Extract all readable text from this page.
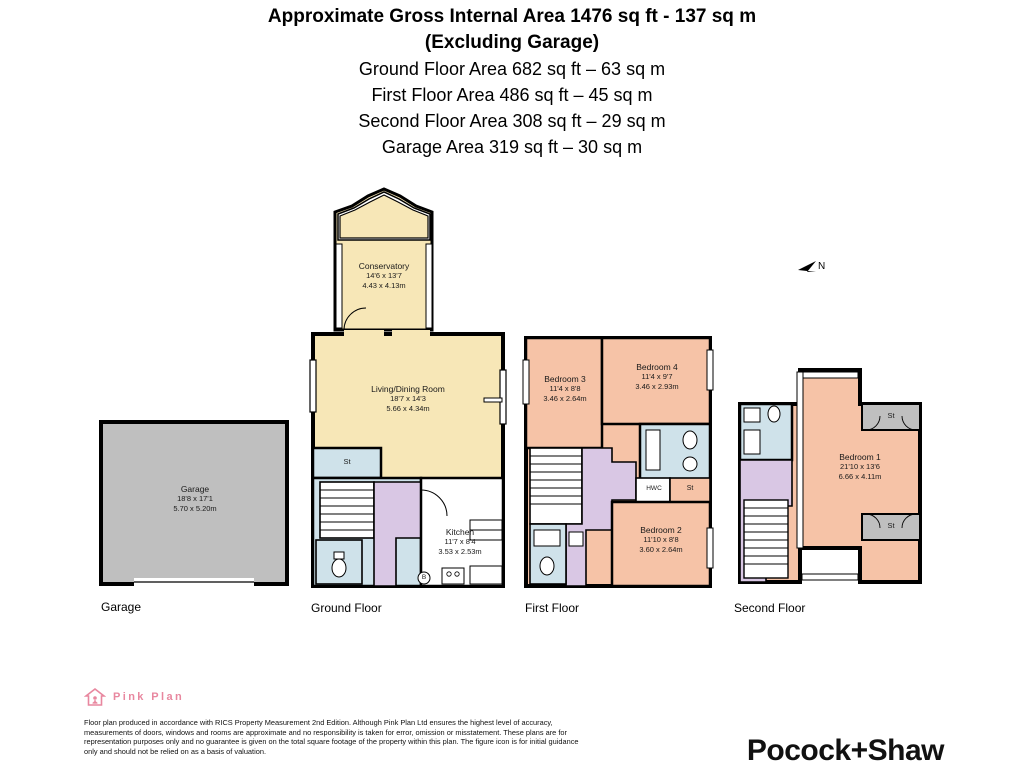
Approximate Gross Internal Area 1476 sq ft - 137 sq m
(Excluding Garage)
Ground Floor Area 682 sq ft – 63 sq m
First Floor Area 486 sq ft – 45 sq m
Second Floor Area 308 sq ft – 29 sq m
Garage Area 319 sq ft – 30 sq m
Garage
18'8 x 17'1
5.70 x 5.20m
Conservatory
14'6 x 13'7
4.43 x 4.13m
Living/Dining Room
18'7 x 14'3
5.66 x 4.34m
Kitchen
11'7 x 8'4
3.53 x 2.53m
Bedroom 3
11'4 x 8'8
3.46 x 2.64m
Bedroom 4
11'4 x 9'7
3.46 x 2.93m
Bedroom 2
11'10 x 8'8
3.60 x 2.64m
Bedroom 1
21'10 x 13'6
6.66 x 4.11m
St
St
HWC
St
St
B
Garage	Ground Floor	First Floor	Second Floor
N
Pink Plan
Floor plan produced in accordance with RICS Property Measurement 2nd Edition. Although Pink Plan Ltd ensures the highest level of accuracy, measurements of doors, windows and rooms are approximate and no responsibility is taken for error, omission or misstatement. These plans are for representation purposes only and no guarantee is given on the total square footage of the property within this plan. The figure icon is for initial guidance only and should not be relied on as a basis of valuation.	Pocock+Shaw
